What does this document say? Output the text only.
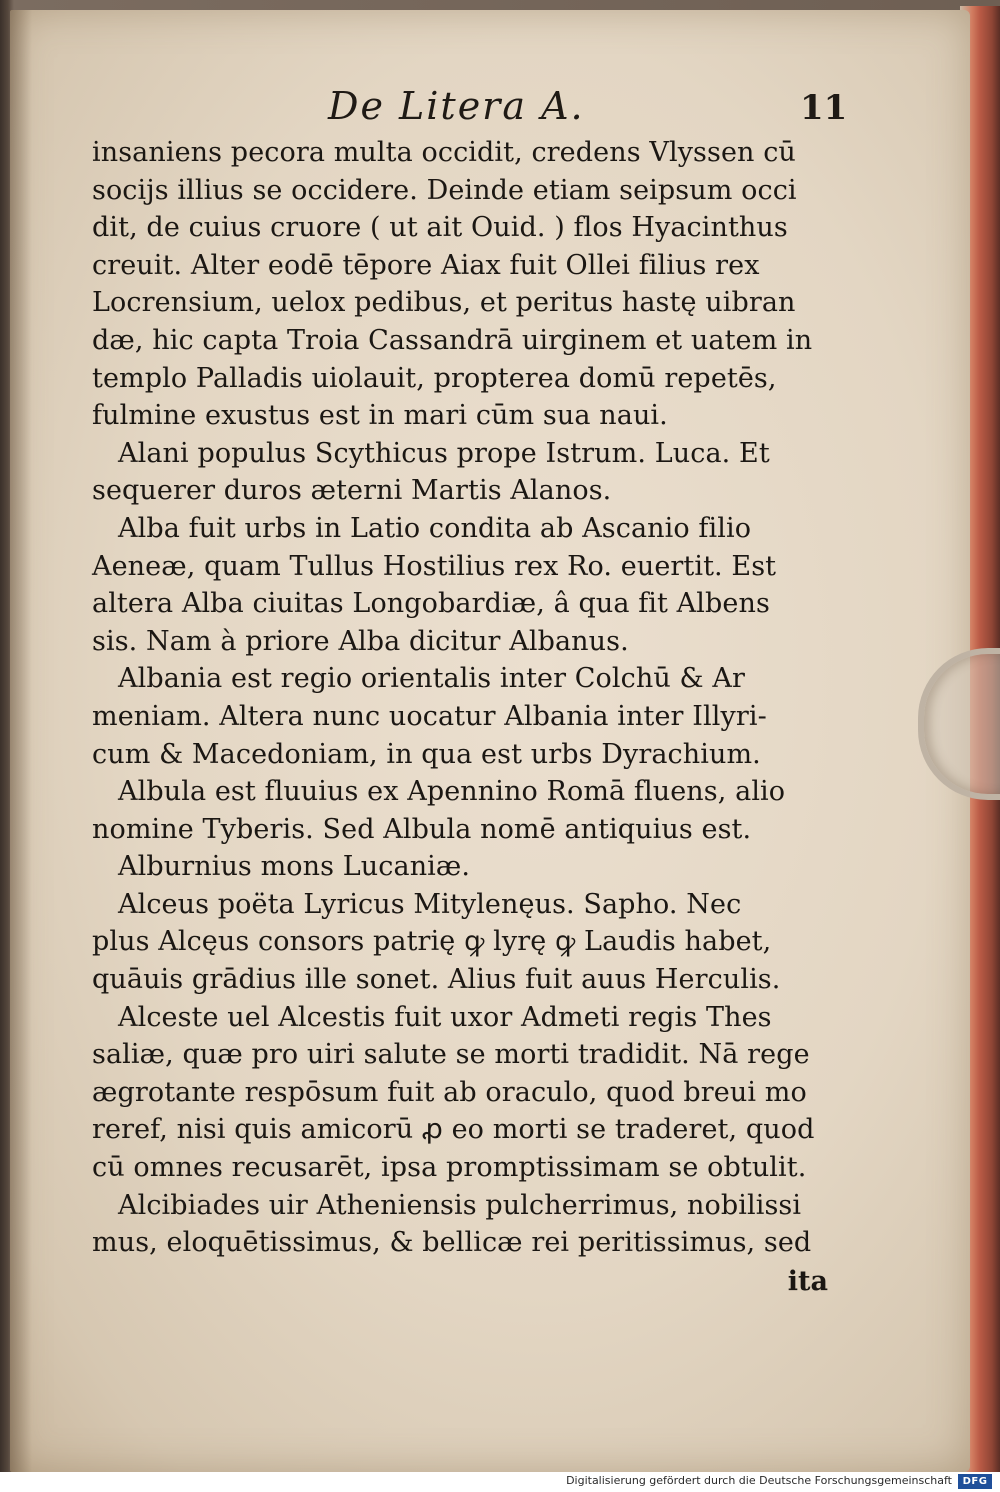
De Litera A.	11
insaniens pecora multa occidit, credens Vlyssen cū
socijs illius se occidere. Deinde etiam seipsum occi
dit, de cuius cruore ( ut ait Ouid. ) flos Hyacinthus
creuit. Alter eodē tēpore Aiax fuit Ollei filius rex
Locrensium, uelox pedibus, et peritus hastę uibran
dæ, hic capta Troia Cassandrā uirginem et uatem in
templo Palladis uiolauit, propterea domū repetēs,
fulmine exustus est in mari cūm sua naui.
Alani populus Scythicus prope Istrum. Luca. Et
sequerer duros æterni Martis Alanos.
Alba fuit urbs in Latio condita ab Ascanio filio
Aeneæ, quam Tullus Hostilius rex Ro. euertit. Est
altera Alba ciuitas Longobardiæ, â qua fit Albens
sis. Nam à priore Alba dicitur Albanus.
Albania est regio orientalis inter Colchū & Ar
meniam. Altera nunc uocatur Albania inter Illyri-
cum & Macedoniam, in qua est urbs Dyrachium.
Albula est fluuius ex Apennino Romā fluens, alio
nomine Tyberis. Sed Albula nomē antiquius est.
Alburnius mons Lucaniæ.
Alceus poëta Lyricus Mitylenęus. Sapho. Nec
plus Alcęus consors patrię ꝙ lyrę ꝙ Laudis habet,
quāuis grādius ille sonet. Alius fuit auus Herculis.
Alceste uel Alcestis fuit uxor Admeti regis Thes
saliæ, quæ pro uiri salute se morti tradidit. Nā rege
ægrotante respōsum fuit ab oraculo, quod breui mo
reref, nisi quis amicorū ꝓ eo morti se traderet, quod
cū omnes recusarēt, ipsa promptissimam se obtulit.
Alcibiades uir Atheniensis pulcherrimus, nobilissi
mus, eloquētissimus, & bellicæ rei peritissimus, sed
ita
Digitalisierung gefördert durch die Deutsche Forschungsgemeinschaft	DFG
